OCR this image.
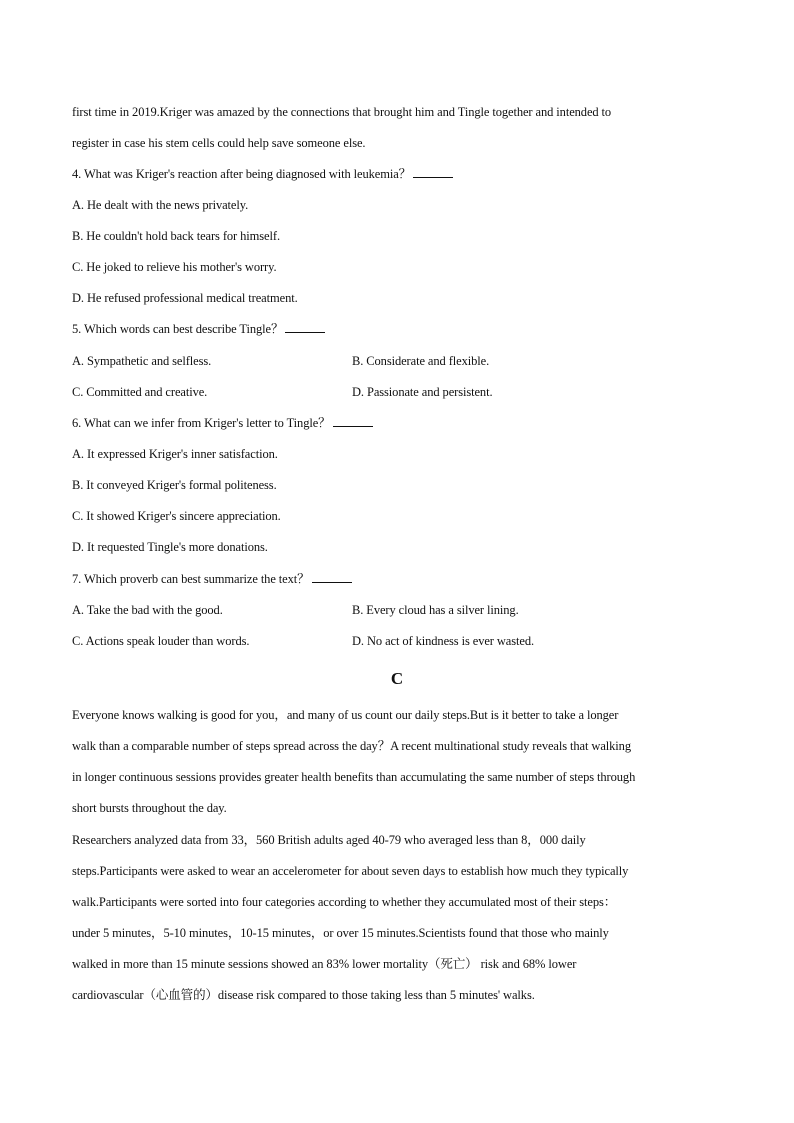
first time in 2019.Kriger was amazed by the connections that brought him and Tingle together and intended to
register in case his stem cells could help save someone else.
4. What was Kriger's reaction after being diagnosed with leukemia？
A. He dealt with the news privately.
B. He couldn't hold back tears for himself.
C. He joked to relieve his mother's worry.
D. He refused professional medical treatment.
5. Which words can best describe Tingle？
A. Sympathetic and selfless.	B. Considerate and flexible.
C. Committed and creative.	D. Passionate and persistent.
6. What can we infer from Kriger's letter to Tingle？
A. It expressed Kriger's inner satisfaction.
B. It conveyed Kriger's formal politeness.
C. It showed Kriger's sincere appreciation.
D. It requested Tingle's more donations.
7. Which proverb can best summarize the text？
A. Take the bad with the good.	B. Every cloud has a silver lining.
C. Actions speak louder than words.	D. No act of kindness is ever wasted.
C
Everyone knows walking is good for you，and many of us count our daily steps.But is it better to take a longer
walk than a comparable number of steps spread across the day？A recent multinational study reveals that walking
in longer continuous sessions provides greater health benefits than accumulating the same number of steps through
short bursts throughout the day.
Researchers analyzed data from 33，560 British adults aged 40-79 who averaged less than 8，000 daily
steps.Participants were asked to wear an accelerometer for about seven days to establish how much they typically
walk.Participants were sorted into four categories according to whether they accumulated most of their steps：
under 5 minutes，5-10 minutes，10-15 minutes，or over 15 minutes.Scientists found that those who mainly
walked in more than 15 minute sessions showed an 83% lower mortality（死亡） risk and 68% lower
cardiovascular（心血管的）disease risk compared to those taking less than 5 minutes' walks.
